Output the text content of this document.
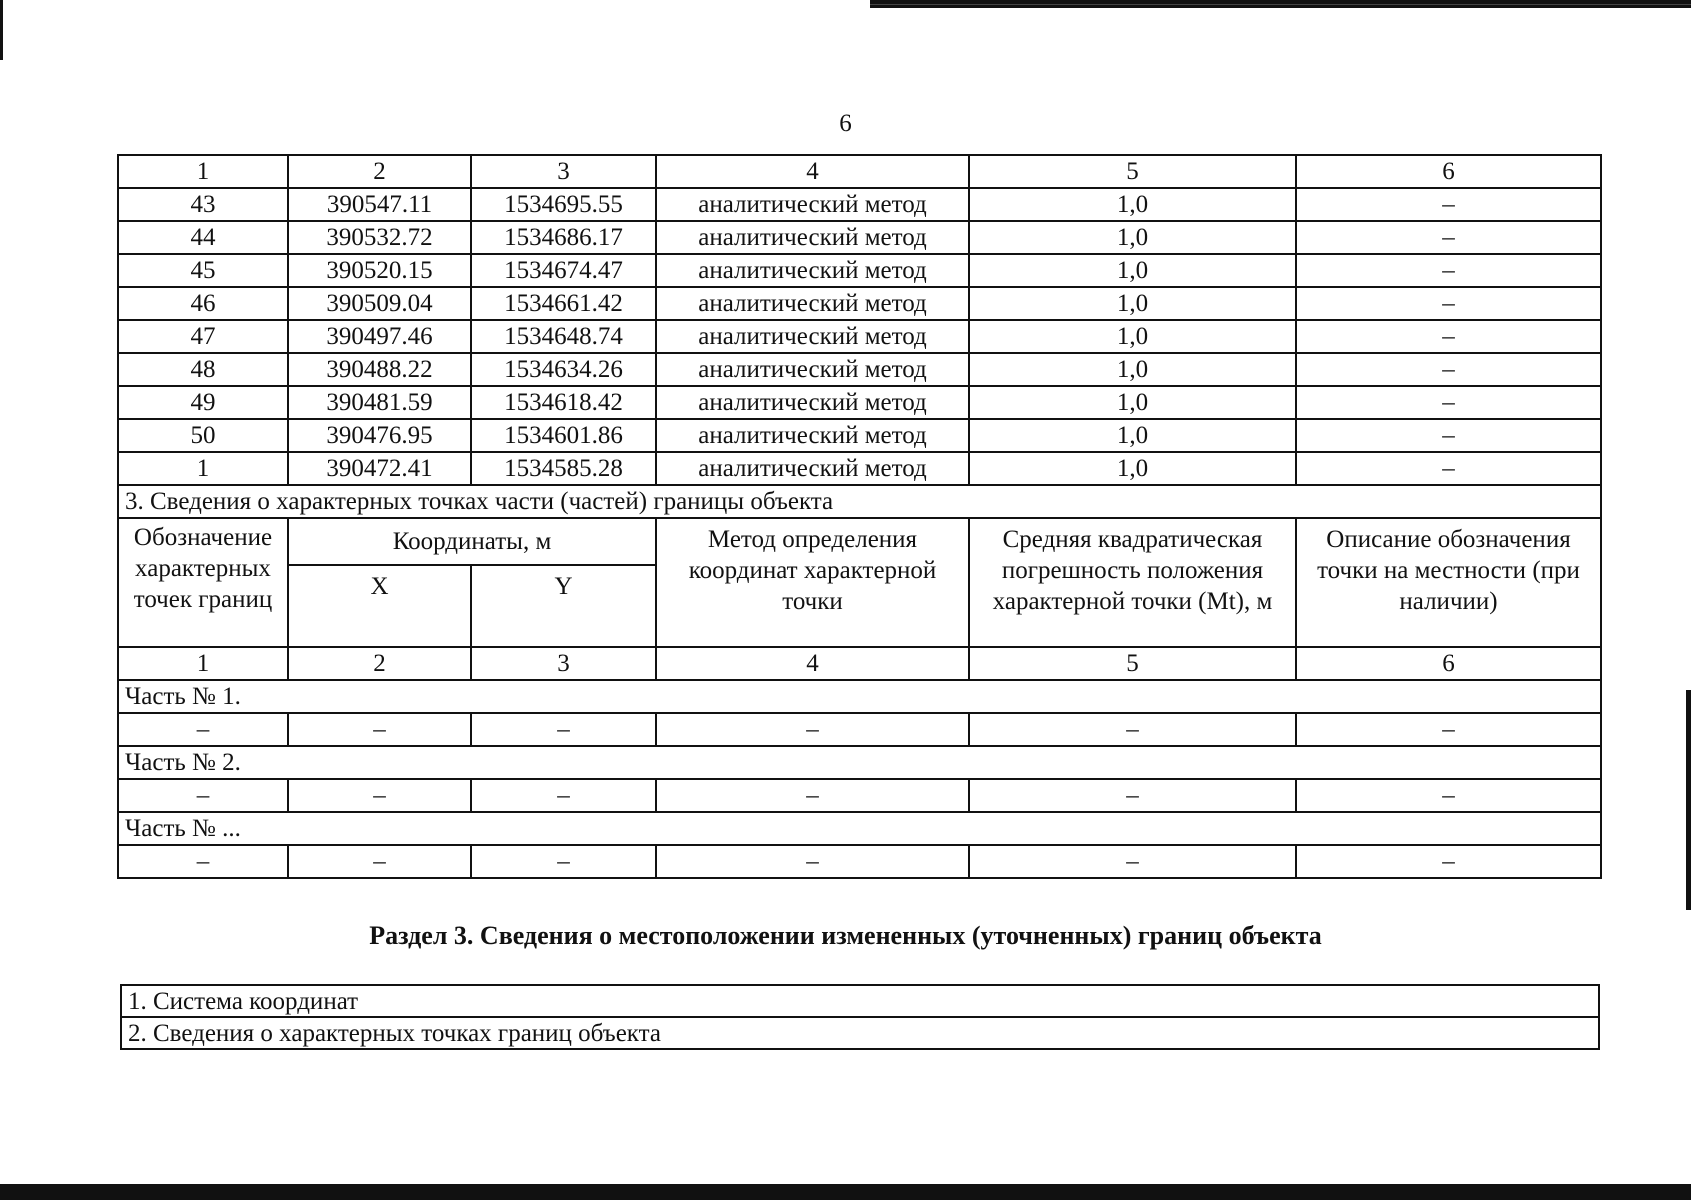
6
1	2	3	4	5	6
43	390547.11	1534695.55	аналитический метод	1,0	–
44	390532.72	1534686.17	аналитический метод	1,0	–
45	390520.15	1534674.47	аналитический метод	1,0	–
46	390509.04	1534661.42	аналитический метод	1,0	–
47	390497.46	1534648.74	аналитический метод	1,0	–
48	390488.22	1534634.26	аналитический метод	1,0	–
49	390481.59	1534618.42	аналитический метод	1,0	–
50	390476.95	1534601.86	аналитический метод	1,0	–
1	390472.41	1534585.28	аналитический метод	1,0	–
3. Сведения о характерных точках части (частей) границы объекта					
Обозначение характерных точек границ	Координаты, м		Метод определения координат характерной точки	Средняя квадратическая погрешность положения характерной точки (Mt), м	Описание обозначения точки на местности (при наличии)
	X	Y			
1	2	3	4	5	6
Часть № 1.					
–	–	–	–	–	–
Часть № 2.					
–	–	–	–	–	–
Часть № ...					
–	–	–	–	–	–
Раздел 3. Сведения о местоположении измененных (уточненных) границ объекта
1. Система координат
2. Сведения о характерных точках границ объекта
